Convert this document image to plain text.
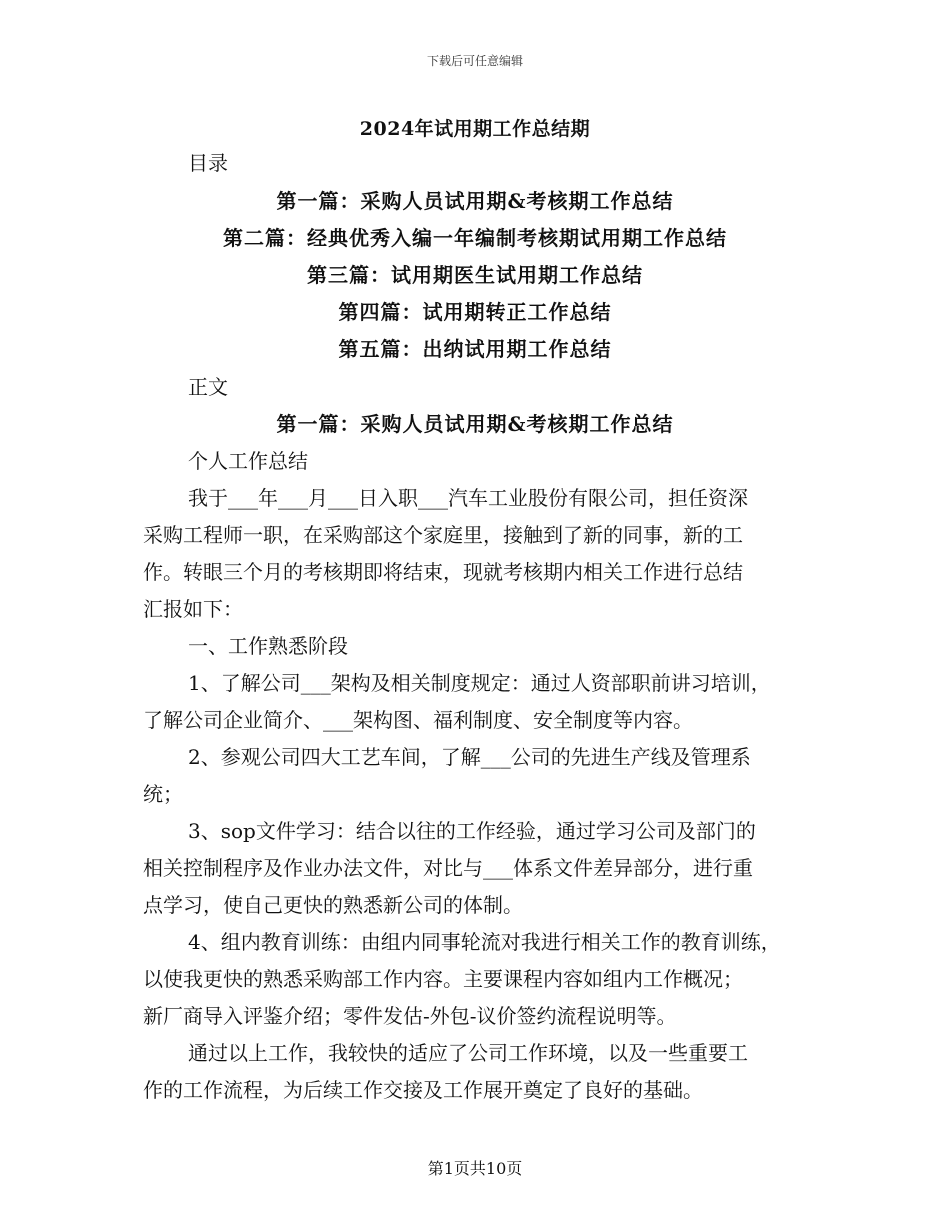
下载后可任意编辑
2024年试用期工作总结期
目录
第一篇：采购人员试用期&考核期工作总结
第二篇：经典优秀入编一年编制考核期试用期工作总结
第三篇：试用期医生试用期工作总结
第四篇：试用期转正工作总结
第五篇：出纳试用期工作总结
正文
第一篇：采购人员试用期&考核期工作总结
个人工作总结
我于___年___月___日入职___汽车工业股份有限公司，担任资深
采购工程师一职，在采购部这个家庭里，接触到了新的同事，新的工
作。转眼三个月的考核期即将结束，现就考核期内相关工作进行总结
汇报如下：
一、工作熟悉阶段
1、了解公司___架构及相关制度规定：通过人资部职前讲习培训，
了解公司企业简介、___架构图、福利制度、安全制度等内容。
2、参观公司四大工艺车间，了解___公司的先进生产线及管理系
统；
3、sop文件学习：结合以往的工作经验，通过学习公司及部门的
相关控制程序及作业办法文件，对比与___体系文件差异部分，进行重
点学习，使自己更快的熟悉新公司的体制。
4、组内教育训练：由组内同事轮流对我进行相关工作的教育训练，
以使我更快的熟悉采购部工作内容。主要课程内容如组内工作概况；
新厂商导入评鉴介绍；零件发估-外包-议价签约流程说明等。
通过以上工作，我较快的适应了公司工作环境，以及一些重要工
作的工作流程，为后续工作交接及工作展开奠定了良好的基础。
第1页共10页
